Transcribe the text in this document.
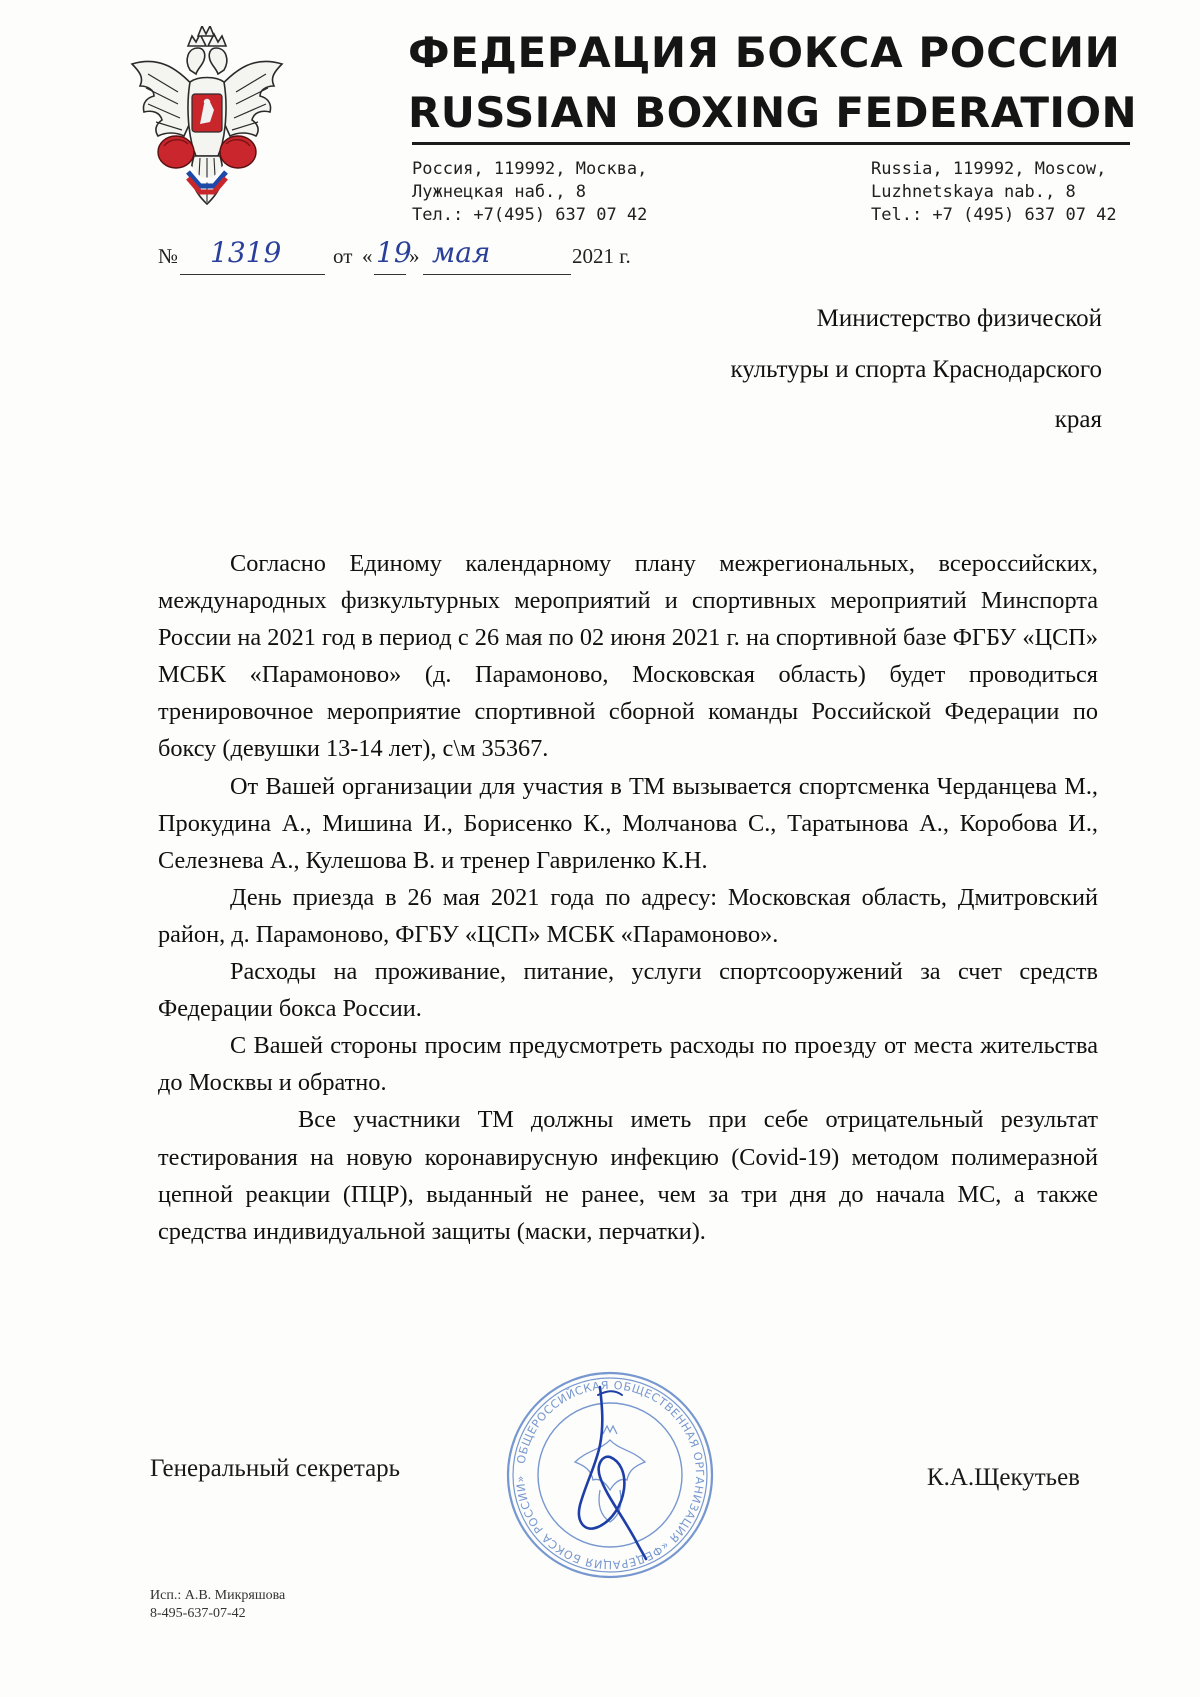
ФЕДЕРАЦИЯ БОКСА РОССИИ
RUSSIAN BOXING FEDERATION
Россия, 119992, Москва,
Лужнецкая наб., 8
Тел.: +7(495) 637 07 42
Russia, 119992, Moscow,
Luzhnetskaya nab., 8
Tel.: +7 (495) 637 07 42
№ 1319 от « 19
» мая	2021 г.
Министерство физической
культуры и спорта Краснодарского
края

Согласно Единому календарному плану межрегиональных, всероссийских, международных физкультурных мероприятий и спортивных мероприятий Минспорта России на 2021 год в период с 26 мая по 02 июня 2021 г. на спортивной базе ФГБУ «ЦСП» МСБК «Парамоново» (д. Парамоново, Московская область) будет проводиться тренировочное мероприятие спортивной сборной команды Российской Федерации по боксу (девушки 13-14 лет), с\м 35367.

От Вашей организации для участия в ТМ вызывается спортсменка Черданцева М., Прокудина А., Мишина И., Борисенко К., Молчанова С., Таратынова А., Коробова И., Селезнева А., Кулешова В. и тренер Гавриленко К.Н.

День приезда в 26 мая 2021 года по адресу: Московская область, Дмитровский район, д. Парамоново, ФГБУ «ЦСП» МСБК «Парамоново».

Расходы на проживание, питание, услуги спортсооружений за счет средств Федерации бокса России.

С Вашей стороны просим предусмотреть расходы по проезду от места жительства до Москвы и обратно.

Все участники ТМ должны иметь при себе отрицательный результат тестирования на новую коронавирусную инфекцию (Covid-19) методом полимеразной цепной реакции (ПЦР), выданный не ранее, чем за три дня до начала МС, а также средства индивидуальной защиты (маски, перчатки).

ОБЩЕРОССИЙСКАЯ ОБЩЕСТВЕННАЯ ОРГАНИЗАЦИЯ «ФЕДЕРАЦИЯ БОКСА РОССИИ»
Генеральный секретарь	К.А.Щекутьев
Исп.: А.В. Микряшова
8-495-637-07-42
